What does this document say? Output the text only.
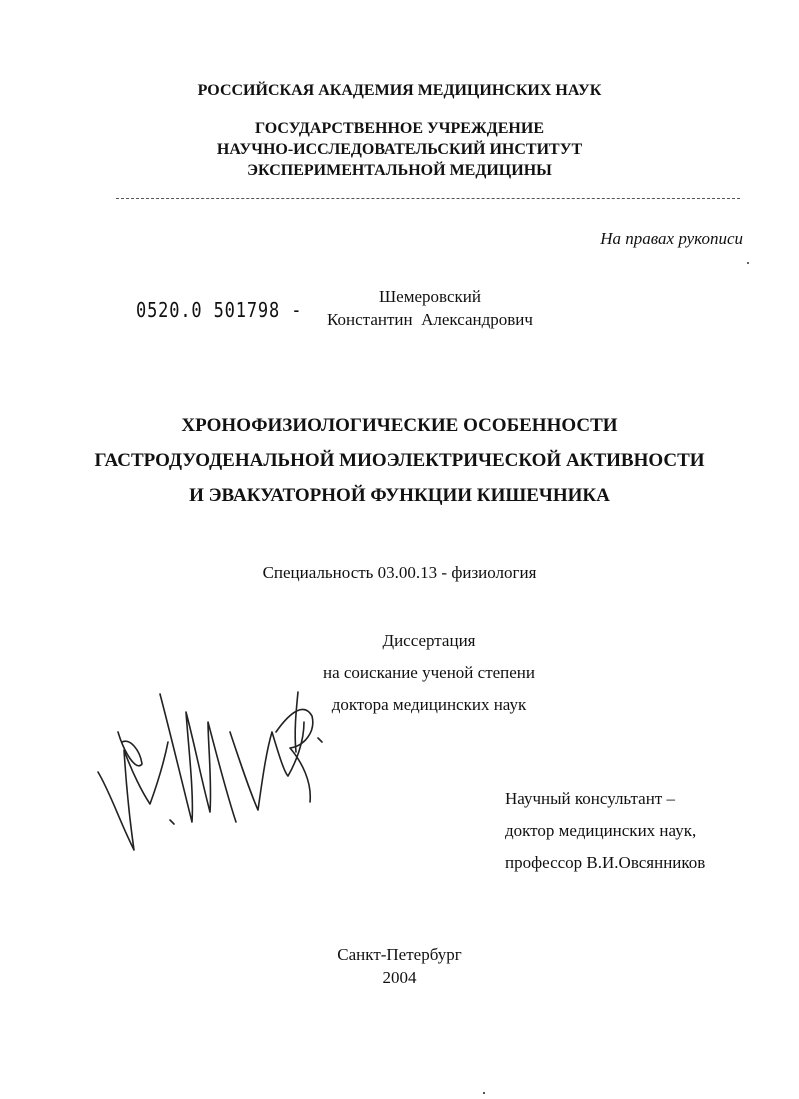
РОССИЙСКАЯ АКАДЕМИЯ МЕДИЦИНСКИХ НАУК
ГОСУДАРСТВЕННОЕ УЧРЕЖДЕНИЕ
НАУЧНО-ИССЛЕДОВАТЕЛЬСКИЙ ИНСТИТУТ
ЭКСПЕРИМЕНТАЛЬНОЙ МЕДИЦИНЫ
На правах рукописи
0520.0 501798 -
Шемеровский
Константин  Александрович
ХРОНОФИЗИОЛОГИЧЕСКИЕ ОСОБЕННОСТИ
ГАСТРОДУОДЕНАЛЬНОЙ МИОЭЛЕКТРИЧЕСКОЙ АКТИВНОСТИ
И ЭВАКУАТОРНОЙ ФУНКЦИИ КИШЕЧНИКА
Специальность 03.00.13 - физиология
Диссертация
на соискание ученой степени
доктора медицинских наук
Научный консультант –
доктор медицинских наук,
профессор В.И.Овсянников
Санкт-Петербург
2004
